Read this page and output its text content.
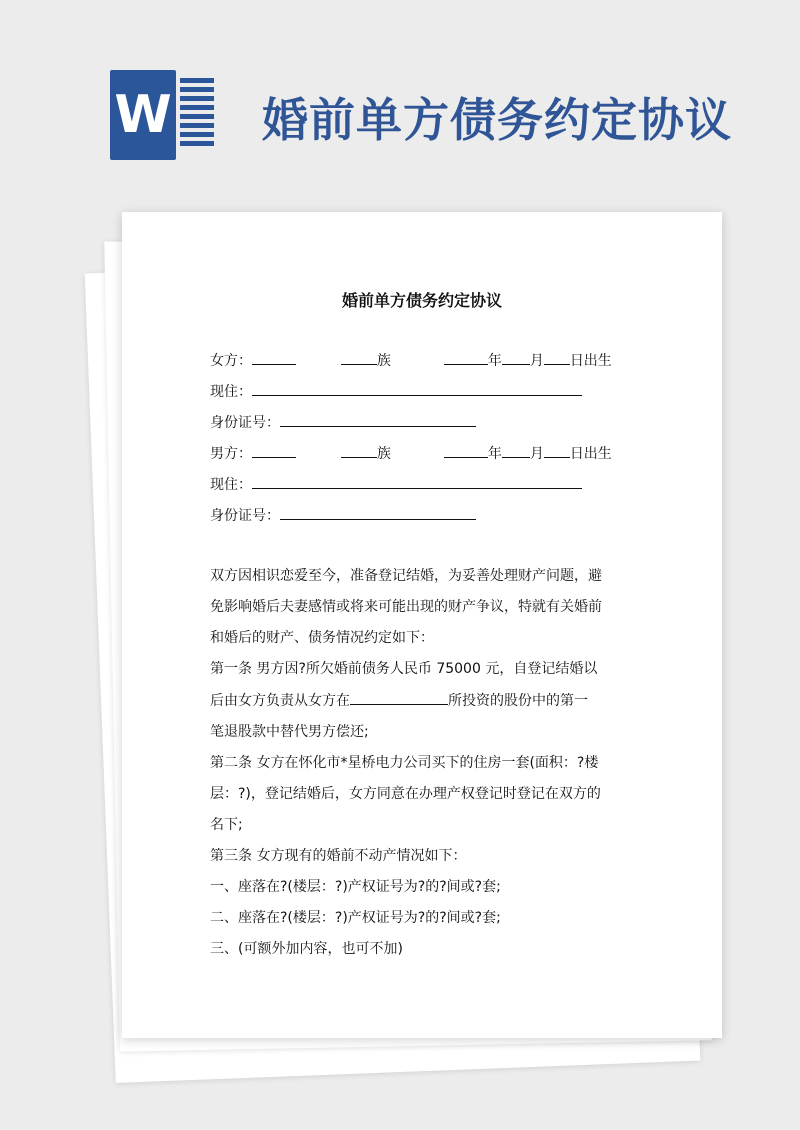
W 婚前单方债务约定协议
婚前单方债务约定协议
女方：	族	年 月 日出生
现住：
身份证号：
男方：	族	年 月 日出生
现住：
身份证号：

双方因相识恋爱至今，准备登记结婚，为妥善处理财产问题，避

免影响婚后夫妻感情或将来可能出现的财产争议，特就有关婚前

和婚后的财产、债务情况约定如下：

第一条 男方因?所欠婚前债务人民币 75000 元，自登记结婚以

后由女方负责从女方在	所投资的股份中的第一

笔退股款中替代男方偿还;

第二条 女方在怀化市*星桥电力公司买下的住房一套(面积：?楼

层：?)，登记结婚后，女方同意在办理产权登记时登记在双方的

名下;

第三条 女方现有的婚前不动产情况如下：

一、座落在?(楼层：?)产权证号为?的?间或?套;

二、座落在?(楼层：?)产权证号为?的?间或?套;

三、(可额外加内容，也可不加)
